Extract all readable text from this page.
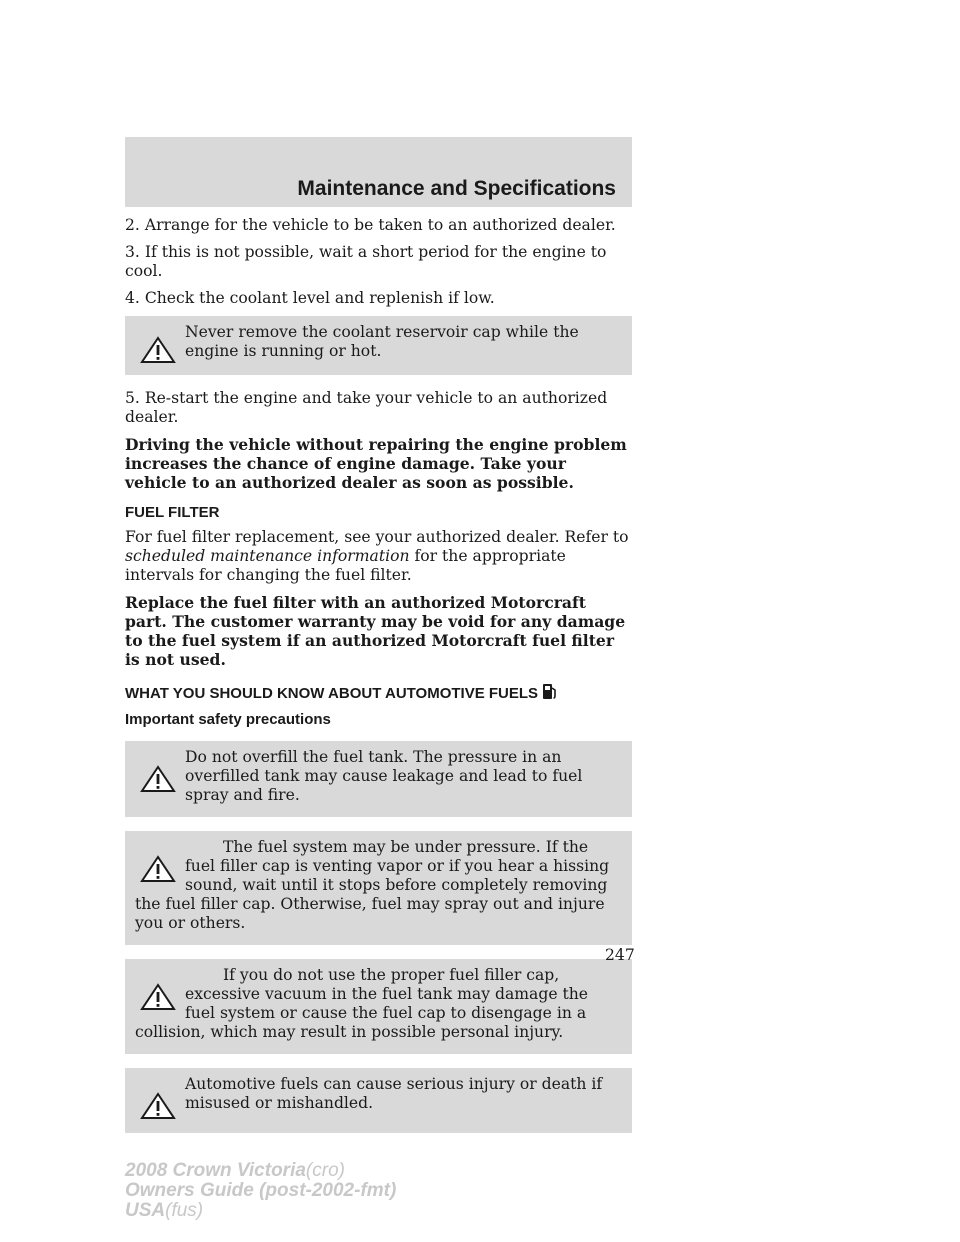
Maintenance and Specifications

2. Arrange for the vehicle to be taken to an authorized dealer.

3. If this is not possible, wait a short period for the engine to cool.

4. Check the coolant level and replenish if low.

Never remove the coolant reservoir cap while the engine is running or hot.

5. Re-start the engine and take your vehicle to an authorized dealer.

Driving the vehicle without repairing the engine problem increases the chance of engine damage. Take your vehicle to an authorized dealer as soon as possible.

FUEL FILTER

For fuel filter replacement, see your authorized dealer. Refer to scheduled maintenance information for the appropriate intervals for changing the fuel filter.

Replace the fuel filter with an authorized Motorcraft part. The customer warranty may be void for any damage to the fuel system if an authorized Motorcraft fuel filter is not used.

WHAT YOU SHOULD KNOW ABOUT AUTOMOTIVE FUELS
Important safety precautions
Do not overfill the fuel tank. The pressure in an overfilled tank may cause leakage and lead to fuel spray and fire.
The fuel system may be under pressure. If the fuel filler cap is venting vapor or if you hear a hissing sound, wait until it stops before completely removing the fuel filler cap. Otherwise, fuel may spray out and injure you or others.
If you do not use the proper fuel filler cap, excessive vacuum in the fuel tank may damage the fuel system or cause the fuel cap to disengage in a collision, which may result in possible personal injury.
Automotive fuels can cause serious injury or death if misused or mishandled.
247
2008 Crown Victoria(cro)
Owners Guide (post-2002-fmt)
USA(fus)
